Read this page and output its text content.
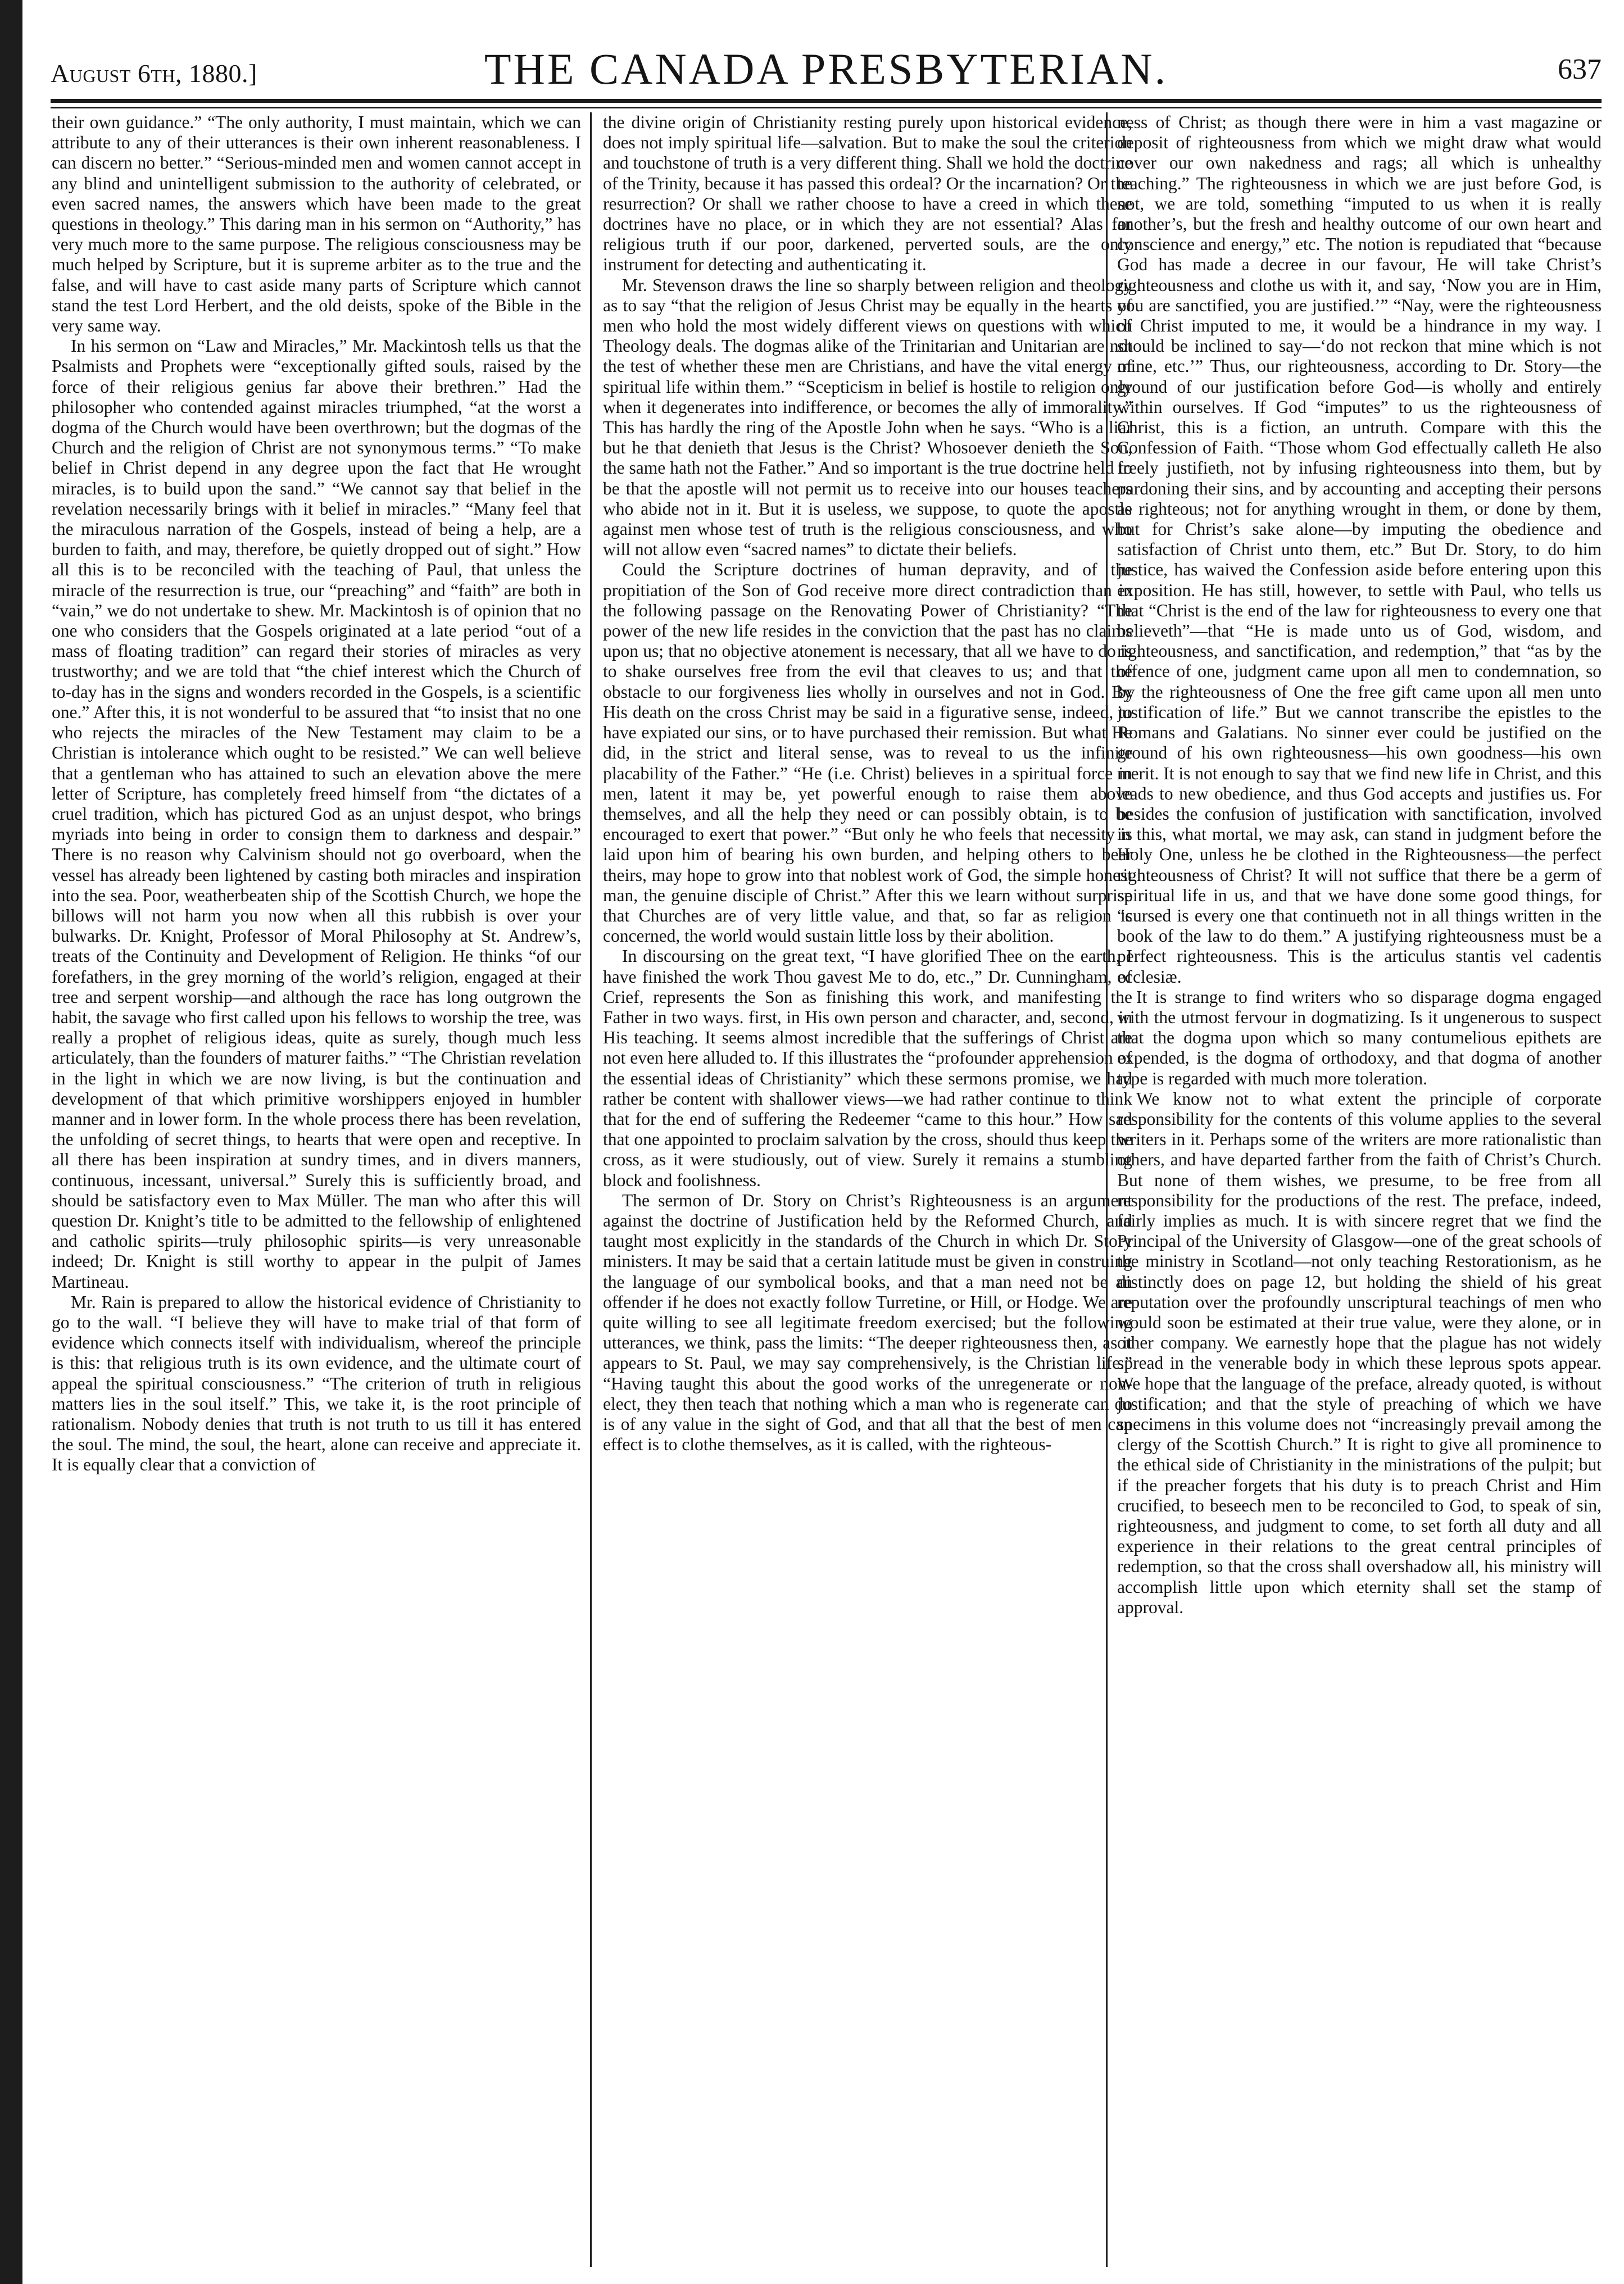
August 6th, 1880.]	THE CANADA PRESBYTERIAN.	637

their own guidance.” “The only authority, I must maintain, which we can attribute to any of their utterances is their own inherent reasonableness. I can discern no better.” “Serious-minded men and women cannot accept in any blind and unintelligent submission to the authority of celebrated, or even sacred names, the answers which have been made to the great questions in theology.” This daring man in his sermon on “Authority,” has very much more to the same purpose. The religious consciousness may be much helped by Scripture, but it is supreme arbiter as to the true and the false, and will have to cast aside many parts of Scripture which cannot stand the test Lord Herbert, and the old deists, spoke of the Bible in the very same way.

In his sermon on “Law and Miracles,” Mr. Mackintosh tells us that the Psalmists and Prophets were “exceptionally gifted souls, raised by the force of their religious genius far above their brethren.” Had the philosopher who contended against miracles triumphed, “at the worst a dogma of the Church would have been overthrown; but the dogmas of the Church and the religion of Christ are not synonymous terms.” “To make belief in Christ depend in any degree upon the fact that He wrought miracles, is to build upon the sand.” “We cannot say that belief in the revelation necessarily brings with it belief in miracles.” “Many feel that the miraculous narration of the Gospels, instead of being a help, are a burden to faith, and may, therefore, be quietly dropped out of sight.” How all this is to be reconciled with the teaching of Paul, that unless the miracle of the resurrection is true, our “preaching” and “faith” are both in “vain,” we do not undertake to shew. Mr. Mackintosh is of opinion that no one who considers that the Gospels originated at a late period “out of a mass of floating tradition” can regard their stories of miracles as very trustworthy; and we are told that “the chief interest which the Church of to-day has in the signs and wonders recorded in the Gospels, is a scientific one.” After this, it is not wonderful to be assured that “to insist that no one who rejects the miracles of the New Testament may claim to be a Christian is intolerance which ought to be resisted.” We can well believe that a gentleman who has attained to such an elevation above the mere letter of Scripture, has completely freed himself from “the dictates of a cruel tradition, which has pictured God as an unjust despot, who brings myriads into being in order to consign them to darkness and despair.” There is no reason why Calvinism should not go overboard, when the vessel has already been lightened by casting both miracles and inspiration into the sea. Poor, weatherbeaten ship of the Scottish Church, we hope the billows will not harm you now when all this rubbish is over your bulwarks. Dr. Knight, Professor of Moral Philosophy at St. Andrew’s, treats of the Continuity and Development of Religion. He thinks “of our forefathers, in the grey morning of the world’s religion, engaged at their tree and serpent worship—and although the race has long outgrown the habit, the savage who first called upon his fellows to worship the tree, was really a prophet of religious ideas, quite as surely, though much less articulately, than the founders of maturer faiths.” “The Christian revelation in the light in which we are now living, is but the continuation and development of that which primitive worshippers enjoyed in humbler manner and in lower form. In the whole process there has been revelation, the unfolding of secret things, to hearts that were open and receptive. In all there has been inspiration at sundry times, and in divers manners, continuous, incessant, universal.” Surely this is sufficiently broad, and should be satisfactory even to Max Müller. The man who after this will question Dr. Knight’s title to be admitted to the fellowship of enlightened and catholic spirits—truly philosophic spirits—is very unreasonable indeed; Dr. Knight is still worthy to appear in the pulpit of James Martineau.

Mr. Rain is prepared to allow the historical evidence of Christianity to go to the wall. “I believe they will have to make trial of that form of evidence which connects itself with individualism, whereof the principle is this: that religious truth is its own evidence, and the ultimate court of appeal the spiritual consciousness.” “The criterion of truth in religious matters lies in the soul itself.” This, we take it, is the root principle of rationalism. Nobody denies that truth is not truth to us till it has entered the soul. The mind, the soul, the heart, alone can receive and appreciate it. It is equally clear that a conviction of

the divine origin of Christianity resting purely upon historical evidence, does not imply spiritual life—salvation. But to make the soul the criterion and touchstone of truth is a very different thing. Shall we hold the doctrine of the Trinity, because it has passed this ordeal? Or the incarnation? Or the resurrection? Or shall we rather choose to have a creed in which these doctrines have no place, or in which they are not essential? Alas for religious truth if our poor, darkened, perverted souls, are the only instrument for detecting and authenticating it.

Mr. Stevenson draws the line so sharply between religion and theology as to say “that the religion of Jesus Christ may be equally in the hearts of men who hold the most widely different views on questions with which Theology deals. The dogmas alike of the Trinitarian and Unitarian are not the test of whether these men are Christians, and have the vital energy of spiritual life within them.” “Scepticism in belief is hostile to religion only when it degenerates into indifference, or becomes the ally of immorality.” This has hardly the ring of the Apostle John when he says. “Who is a liar but he that denieth that Jesus is the Christ? Whosoever denieth the Son, the same hath not the Father.” And so important is the true doctrine held to be that the apostle will not permit us to receive into our houses teachers who abide not in it. But it is useless, we suppose, to quote the apostle against men whose test of truth is the religious consciousness, and who will not allow even “sacred names” to dictate their beliefs.

Could the Scripture doctrines of human depravity, and of the propitiation of the Son of God receive more direct contradiction than in the following passage on the Renovating Power of Christianity? “The power of the new life resides in the conviction that the past has no claims upon us; that no objective atonement is necessary, that all we have to do is to shake ourselves free from the evil that cleaves to us; and that the obstacle to our forgiveness lies wholly in ourselves and not in God. By His death on the cross Christ may be said in a figurative sense, indeed, to have expiated our sins, or to have purchased their remission. But what He did, in the strict and literal sense, was to reveal to us the infinite placability of the Father.” “He (i.e. Christ) believes in a spiritual force in men, latent it may be, yet powerful enough to raise them above themselves, and all the help they need or can possibly obtain, is to be encouraged to exert that power.” “But only he who feels that necessity is laid upon him of bearing his own burden, and helping others to bear theirs, may hope to grow into that noblest work of God, the simple honest man, the genuine disciple of Christ.” After this we learn without surprise that Churches are of very little value, and that, so far as religion is concerned, the world would sustain little loss by their abolition.

In discoursing on the great text, “I have glorified Thee on the earth, I have finished the work Thou gavest Me to do, etc.,” Dr. Cunningham, of Crief, represents the Son as finishing this work, and manifesting the Father in two ways. first, in His own person and character, and, second, in His teaching. It seems almost incredible that the sufferings of Christ are not even here alluded to. If this illustrates the “profounder apprehension of the essential ideas of Christianity” which these sermons promise, we had rather be content with shallower views—we had rather continue to think that for the end of suffering the Redeemer “came to this hour.” How sad that one appointed to proclaim salvation by the cross, should thus keep the cross, as it were studiously, out of view. Surely it remains a stumbling block and foolishness.

The sermon of Dr. Story on Christ’s Righteousness is an argument against the doctrine of Justification held by the Reformed Church, and taught most explicitly in the standards of the Church in which Dr. Story ministers. It may be said that a certain latitude must be given in construing the language of our symbolical books, and that a man need not be an offender if he does not exactly follow Turretine, or Hill, or Hodge. We are quite willing to see all legitimate freedom exercised; but the following utterances, we think, pass the limits: “The deeper righteousness then, as it appears to St. Paul, we may say comprehensively, is the Christian life.” “Having taught this about the good works of the unregenerate or non-elect, they then teach that nothing which a man who is regenerate can do is of any value in the sight of God, and that all that the best of men can effect is to clothe themselves, as it is called, with the righteous-

ness of Christ; as though there were in him a vast magazine or deposit of righteousness from which we might draw what would cover our own nakedness and rags; all which is unhealthy teaching.” The righteousness in which we are just before God, is not, we are told, something “imputed to us when it is really another’s, but the fresh and healthy outcome of our own heart and conscience and energy,” etc. The notion is repudiated that “because God has made a decree in our favour, He will take Christ’s righteousness and clothe us with it, and say, ‘Now you are in Him, you are sanctified, you are justified.’” “Nay, were the righteousness of Christ imputed to me, it would be a hindrance in my way. I should be inclined to say—‘do not reckon that mine which is not mine, etc.’” Thus, our righteousness, according to Dr. Story—the ground of our justification before God—is wholly and entirely within ourselves. If God “imputes” to us the righteousness of Christ, this is a fiction, an untruth. Compare with this the Confession of Faith. “Those whom God effectually calleth He also freely justifieth, not by infusing righteousness into them, but by pardoning their sins, and by accounting and accepting their persons as righteous; not for anything wrought in them, or done by them, but for Christ’s sake alone—by imputing the obedience and satisfaction of Christ unto them, etc.” But Dr. Story, to do him justice, has waived the Confession aside before entering upon this exposition. He has still, however, to settle with Paul, who tells us that “Christ is the end of the law for righteousness to every one that believeth”—that “He is made unto us of God, wisdom, and righteousness, and sanctification, and redemption,” that “as by the offence of one, judgment came upon all men to condemnation, so by the righteousness of One the free gift came upon all men unto justification of life.” But we cannot transcribe the epistles to the Romans and Galatians. No sinner ever could be justified on the ground of his own righteousness—his own goodness—his own merit. It is not enough to say that we find new life in Christ, and this leads to new obedience, and thus God accepts and justifies us. For besides the confusion of justification with sanctification, involved in this, what mortal, we may ask, can stand in judgment before the Holy One, unless he be clothed in the Righteousness—the perfect righteousness of Christ? It will not suffice that there be a germ of spiritual life in us, and that we have done some good things, for “cursed is every one that continueth not in all things written in the book of the law to do them.” A justifying righteousness must be a perfect righteousness. This is the articulus stantis vel cadentis ecclesiæ.

It is strange to find writers who so disparage dogma engaged with the utmost fervour in dogmatizing. Is it ungenerous to suspect that the dogma upon which so many contumelious epithets are expended, is the dogma of orthodoxy, and that dogma of another type is regarded with much more toleration.

We know not to what extent the principle of corporate responsibility for the contents of this volume applies to the several writers in it. Perhaps some of the writers are more rationalistic than others, and have departed farther from the faith of Christ’s Church. But none of them wishes, we presume, to be free from all responsibility for the productions of the rest. The preface, indeed, fairly implies as much. It is with sincere regret that we find the Principal of the University of Glasgow—one of the great schools of the ministry in Scotland—not only teaching Restorationism, as he distinctly does on page 12, but holding the shield of his great reputation over the profoundly unscriptural teachings of men who would soon be estimated at their true value, were they alone, or in other company. We earnestly hope that the plague has not widely spread in the venerable body in which these leprous spots appear. We hope that the language of the preface, already quoted, is without justification; and that the style of preaching of which we have specimens in this volume does not “increasingly prevail among the clergy of the Scottish Church.” It is right to give all prominence to the ethical side of Christianity in the ministrations of the pulpit; but if the preacher forgets that his duty is to preach Christ and Him crucified, to beseech men to be reconciled to God, to speak of sin, righteousness, and judgment to come, to set forth all duty and all experience in their relations to the great central principles of redemption, so that the cross shall overshadow all, his ministry will accomplish little upon which eternity shall set the stamp of approval.
